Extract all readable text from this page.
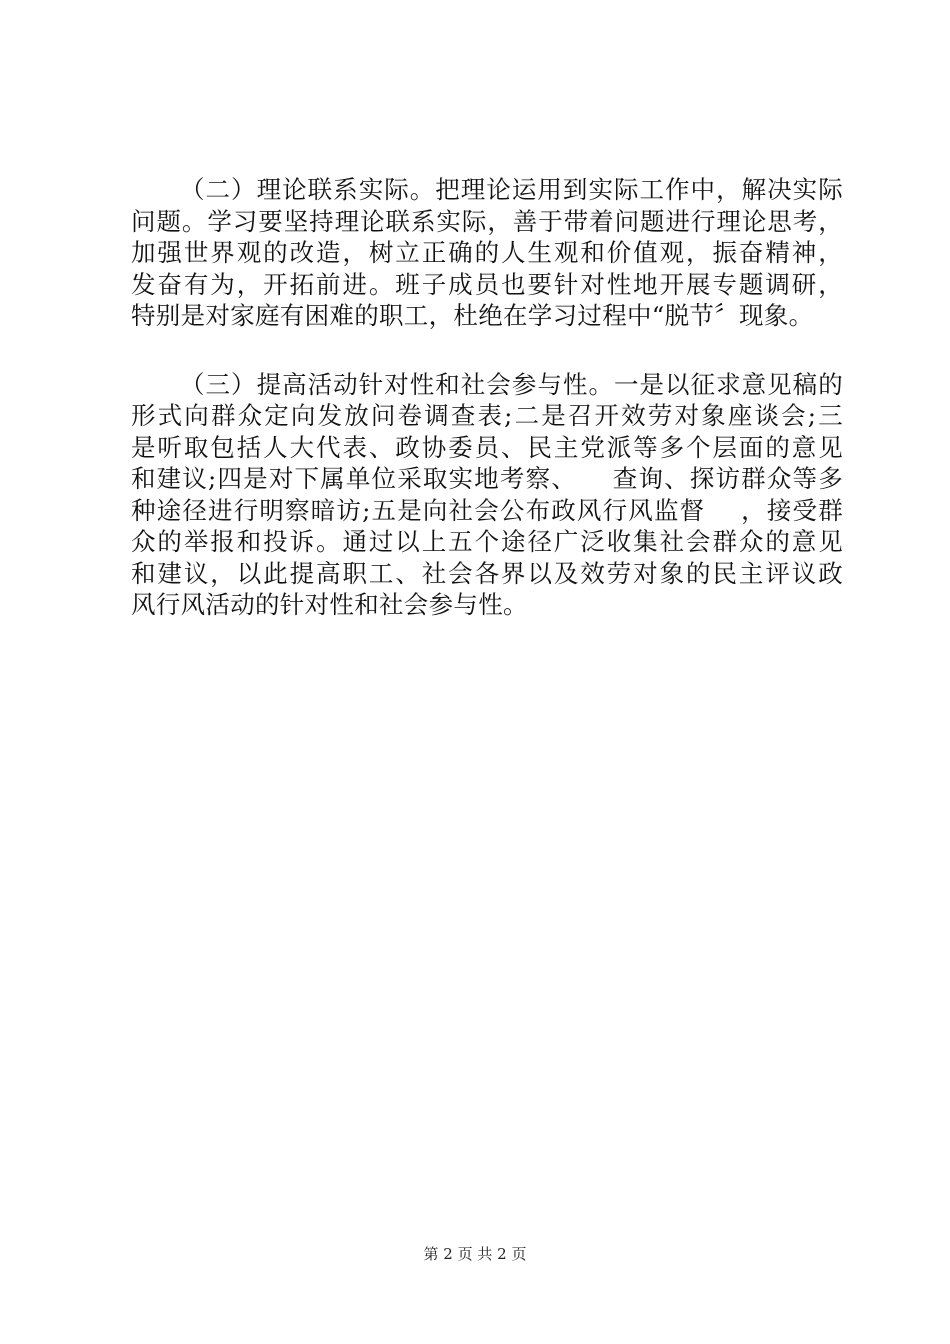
（二）理论联系实际。把理论运用到实际工作中，解决实际
问题。学习要坚持理论联系实际，善于带着问题进行理论思考，
加强世界观的改造，树立正确的人生观和价值观，振奋精神，
发奋有为，开拓前进。班子成员也要针对性地开展专题调研，
特别是对家庭有困难的职工，杜绝在学习过程中“脱节〞现象。
（三）提高活动针对性和社会参与性。一是以征求意见稿的
形式向群众定向发放问卷调查表;二是召开效劳对象座谈会;三
是听取包括人大代表、政协委员、民主党派等多个层面的意见
和建议;四是对下属单位采取实地考察、    查询、探访群众等多
种途径进行明察暗访;五是向社会公布政风行风监督    ，接受群
众的举报和投诉。通过以上五个途径广泛收集社会群众的意见
和建议，以此提高职工、社会各界以及效劳对象的民主评议政
风行风活动的针对性和社会参与性。
第 2 页 共 2 页
